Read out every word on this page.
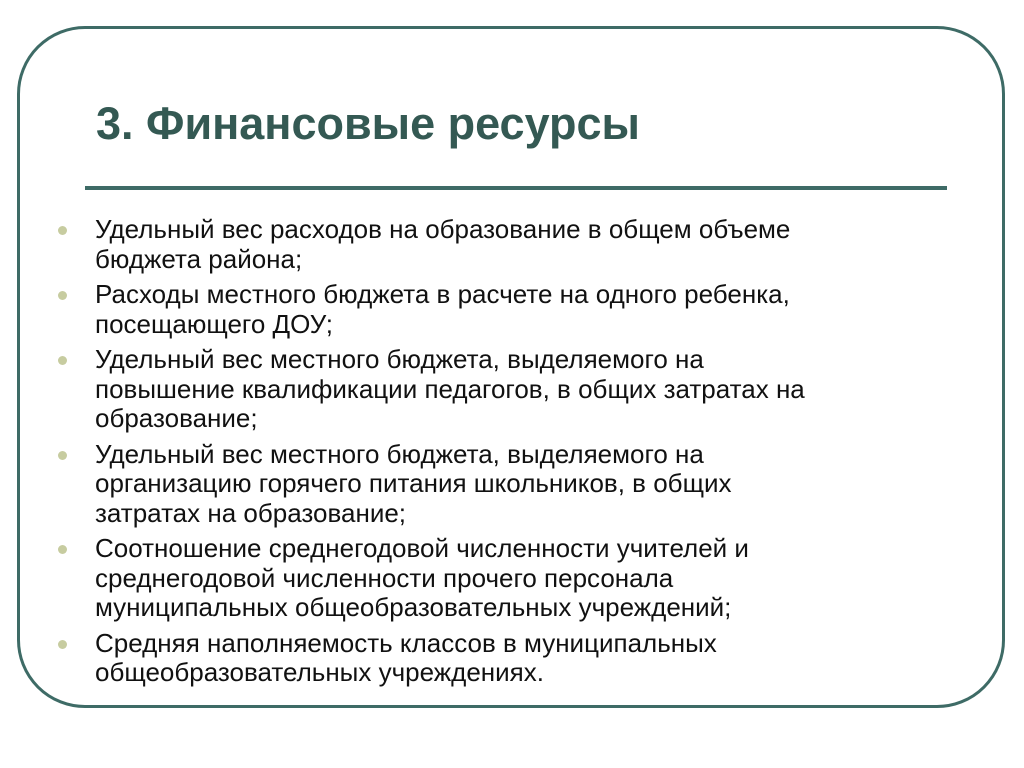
3. Финансовые ресурсы
Удельный вес расходов на образование в общем объеме
бюджета района;
Расходы местного бюджета в расчете на одного ребенка,
посещающего ДОУ;
Удельный вес местного бюджета, выделяемого на
повышение квалификации педагогов, в общих затратах на
образование;
Удельный вес местного бюджета, выделяемого на
организацию горячего питания школьников, в общих
затратах на образование;
Соотношение среднегодовой численности учителей и
среднегодовой численности прочего персонала
муниципальных общеобразовательных учреждений;
Средняя наполняемость классов в муниципальных
общеобразовательных учреждениях.
